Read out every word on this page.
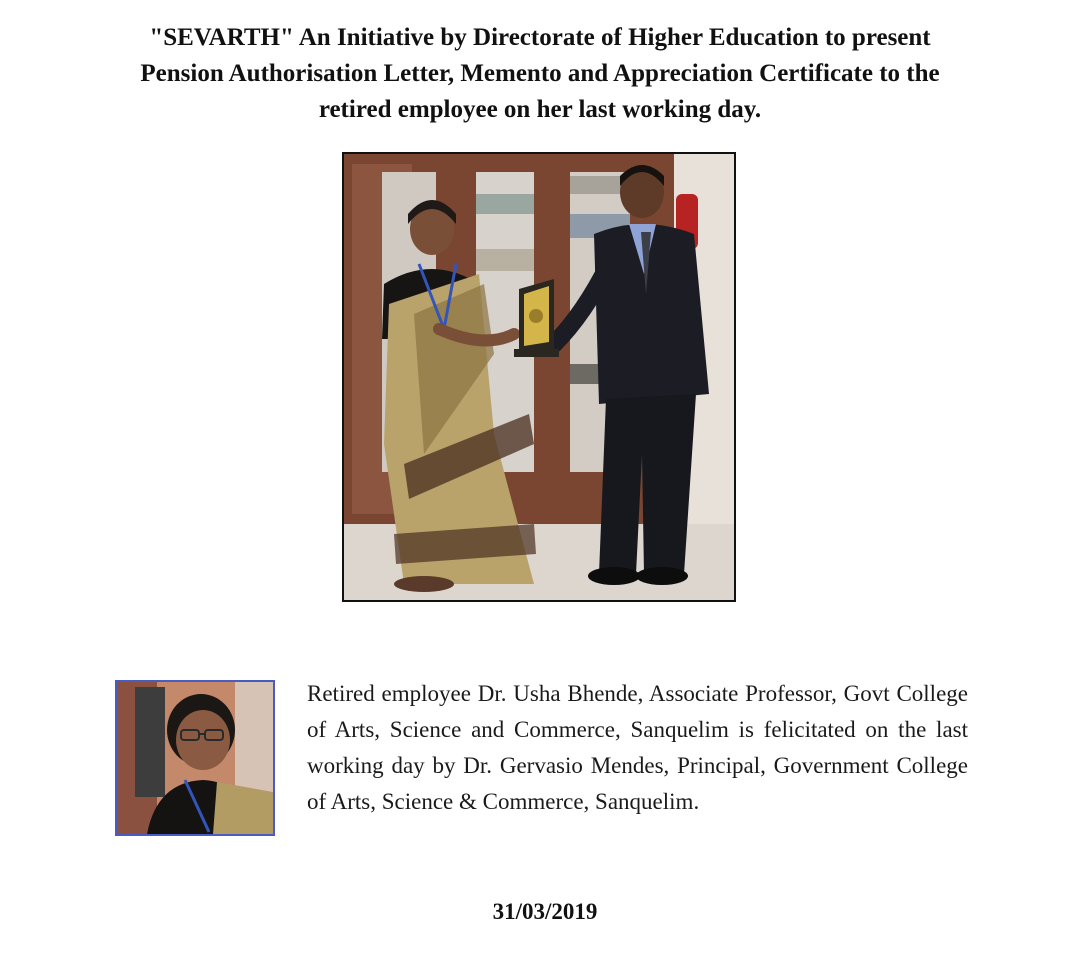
"SEVARTH" An Initiative by Directorate of Higher Education to present
Pension Authorisation Letter, Memento and Appreciation Certificate to the
retired employee on her last working day.

Retired employee Dr. Usha Bhende, Associate Professor, Govt College of Arts, Science and Commerce, Sanquelim is felicitated on the last working day by Dr. Gervasio Mendes, Principal, Government College of Arts, Science & Commerce, Sanquelim.

31/03/2019
